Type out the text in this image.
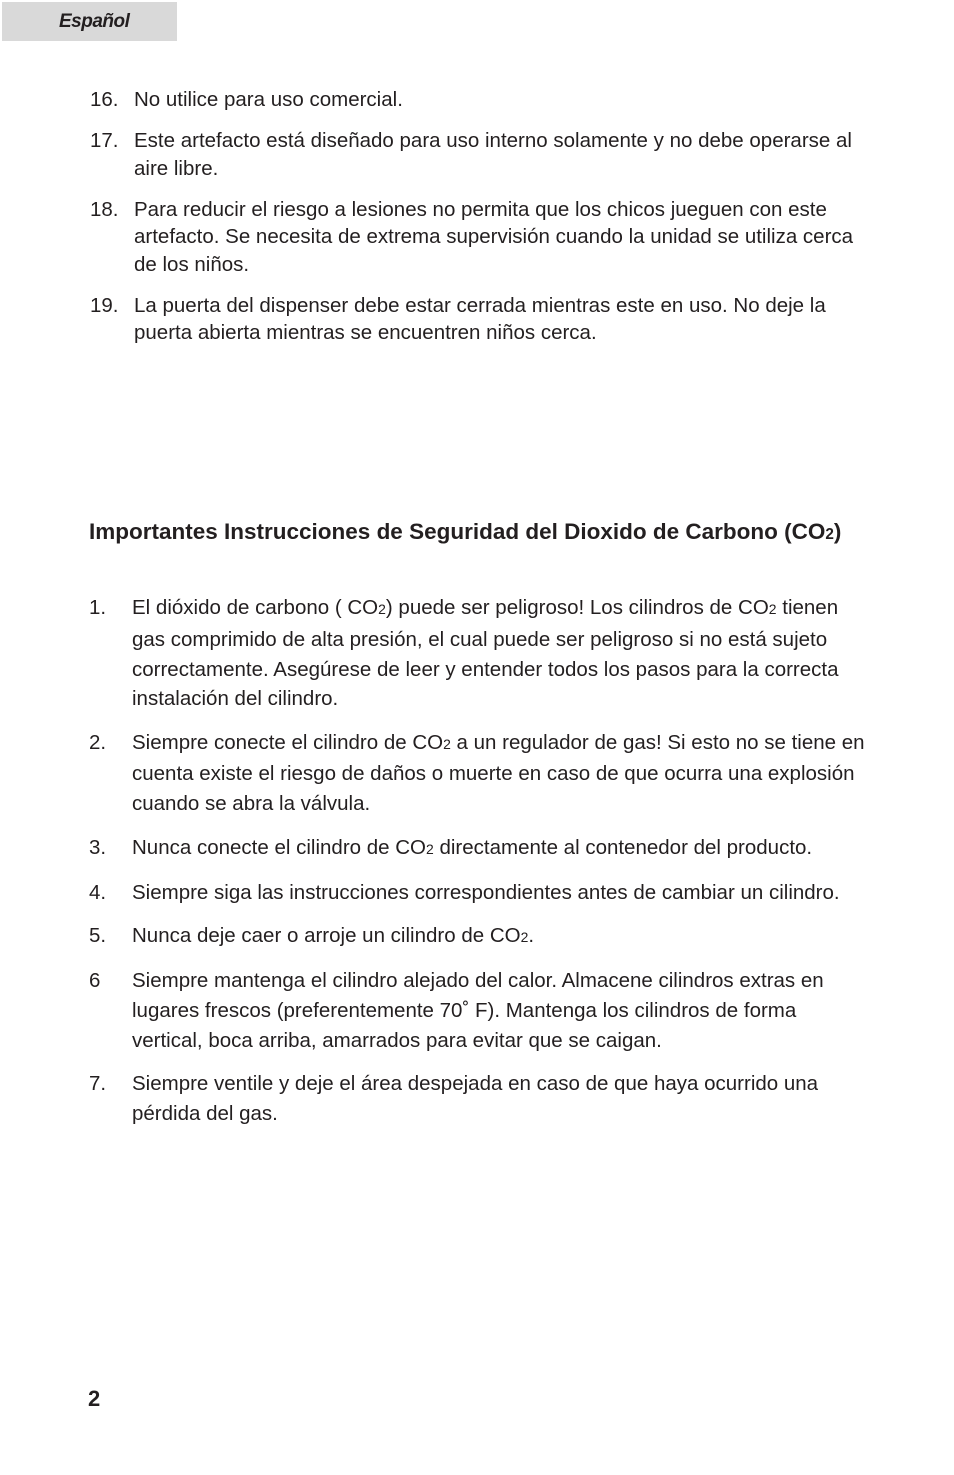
Español
16. No utilice para uso comercial.
17. Este artefacto está diseñado para uso interno solamente y no debe operarse al aire libre.
18. Para reducir el riesgo a lesiones no permita que los chicos jueguen con este artefacto. Se necesita de extrema supervisión cuando la unidad se utiliza cerca de los niños.
19. La puerta del dispenser debe estar cerrada mientras este en uso. No deje la puerta abierta mientras se encuentren niños cerca.
Importantes Instrucciones de Seguridad del Dioxido de Carbono (CO2)
1. El dióxido de carbono ( CO2) puede ser peligroso! Los cilindros de CO2 tienen gas comprimido de alta presión, el cual puede ser peligroso si no está sujeto correctamente. Asegúrese de leer y entender todos los pasos para la correcta instalación del cilindro.
2. Siempre conecte el cilindro de CO2 a un regulador de gas! Si esto no se tiene en cuenta existe el riesgo de daños o muerte en caso de que ocurra una explosión cuando se abra la válvula.
3. Nunca conecte el cilindro de CO2 directamente al contenedor del producto.
4. Siempre siga las instrucciones correspondientes antes de cambiar un cilindro.
5. Nunca deje caer o arroje un cilindro de CO2.
6 Siempre mantenga el cilindro alejado del calor. Almacene cilindros extras en lugares frescos (preferentemente 70˚ F). Mantenga los cilindros de forma vertical, boca arriba, amarrados para evitar que se caigan.
7. Siempre ventile y deje el área despejada en caso de que haya ocurrido una pérdida del gas.
2
